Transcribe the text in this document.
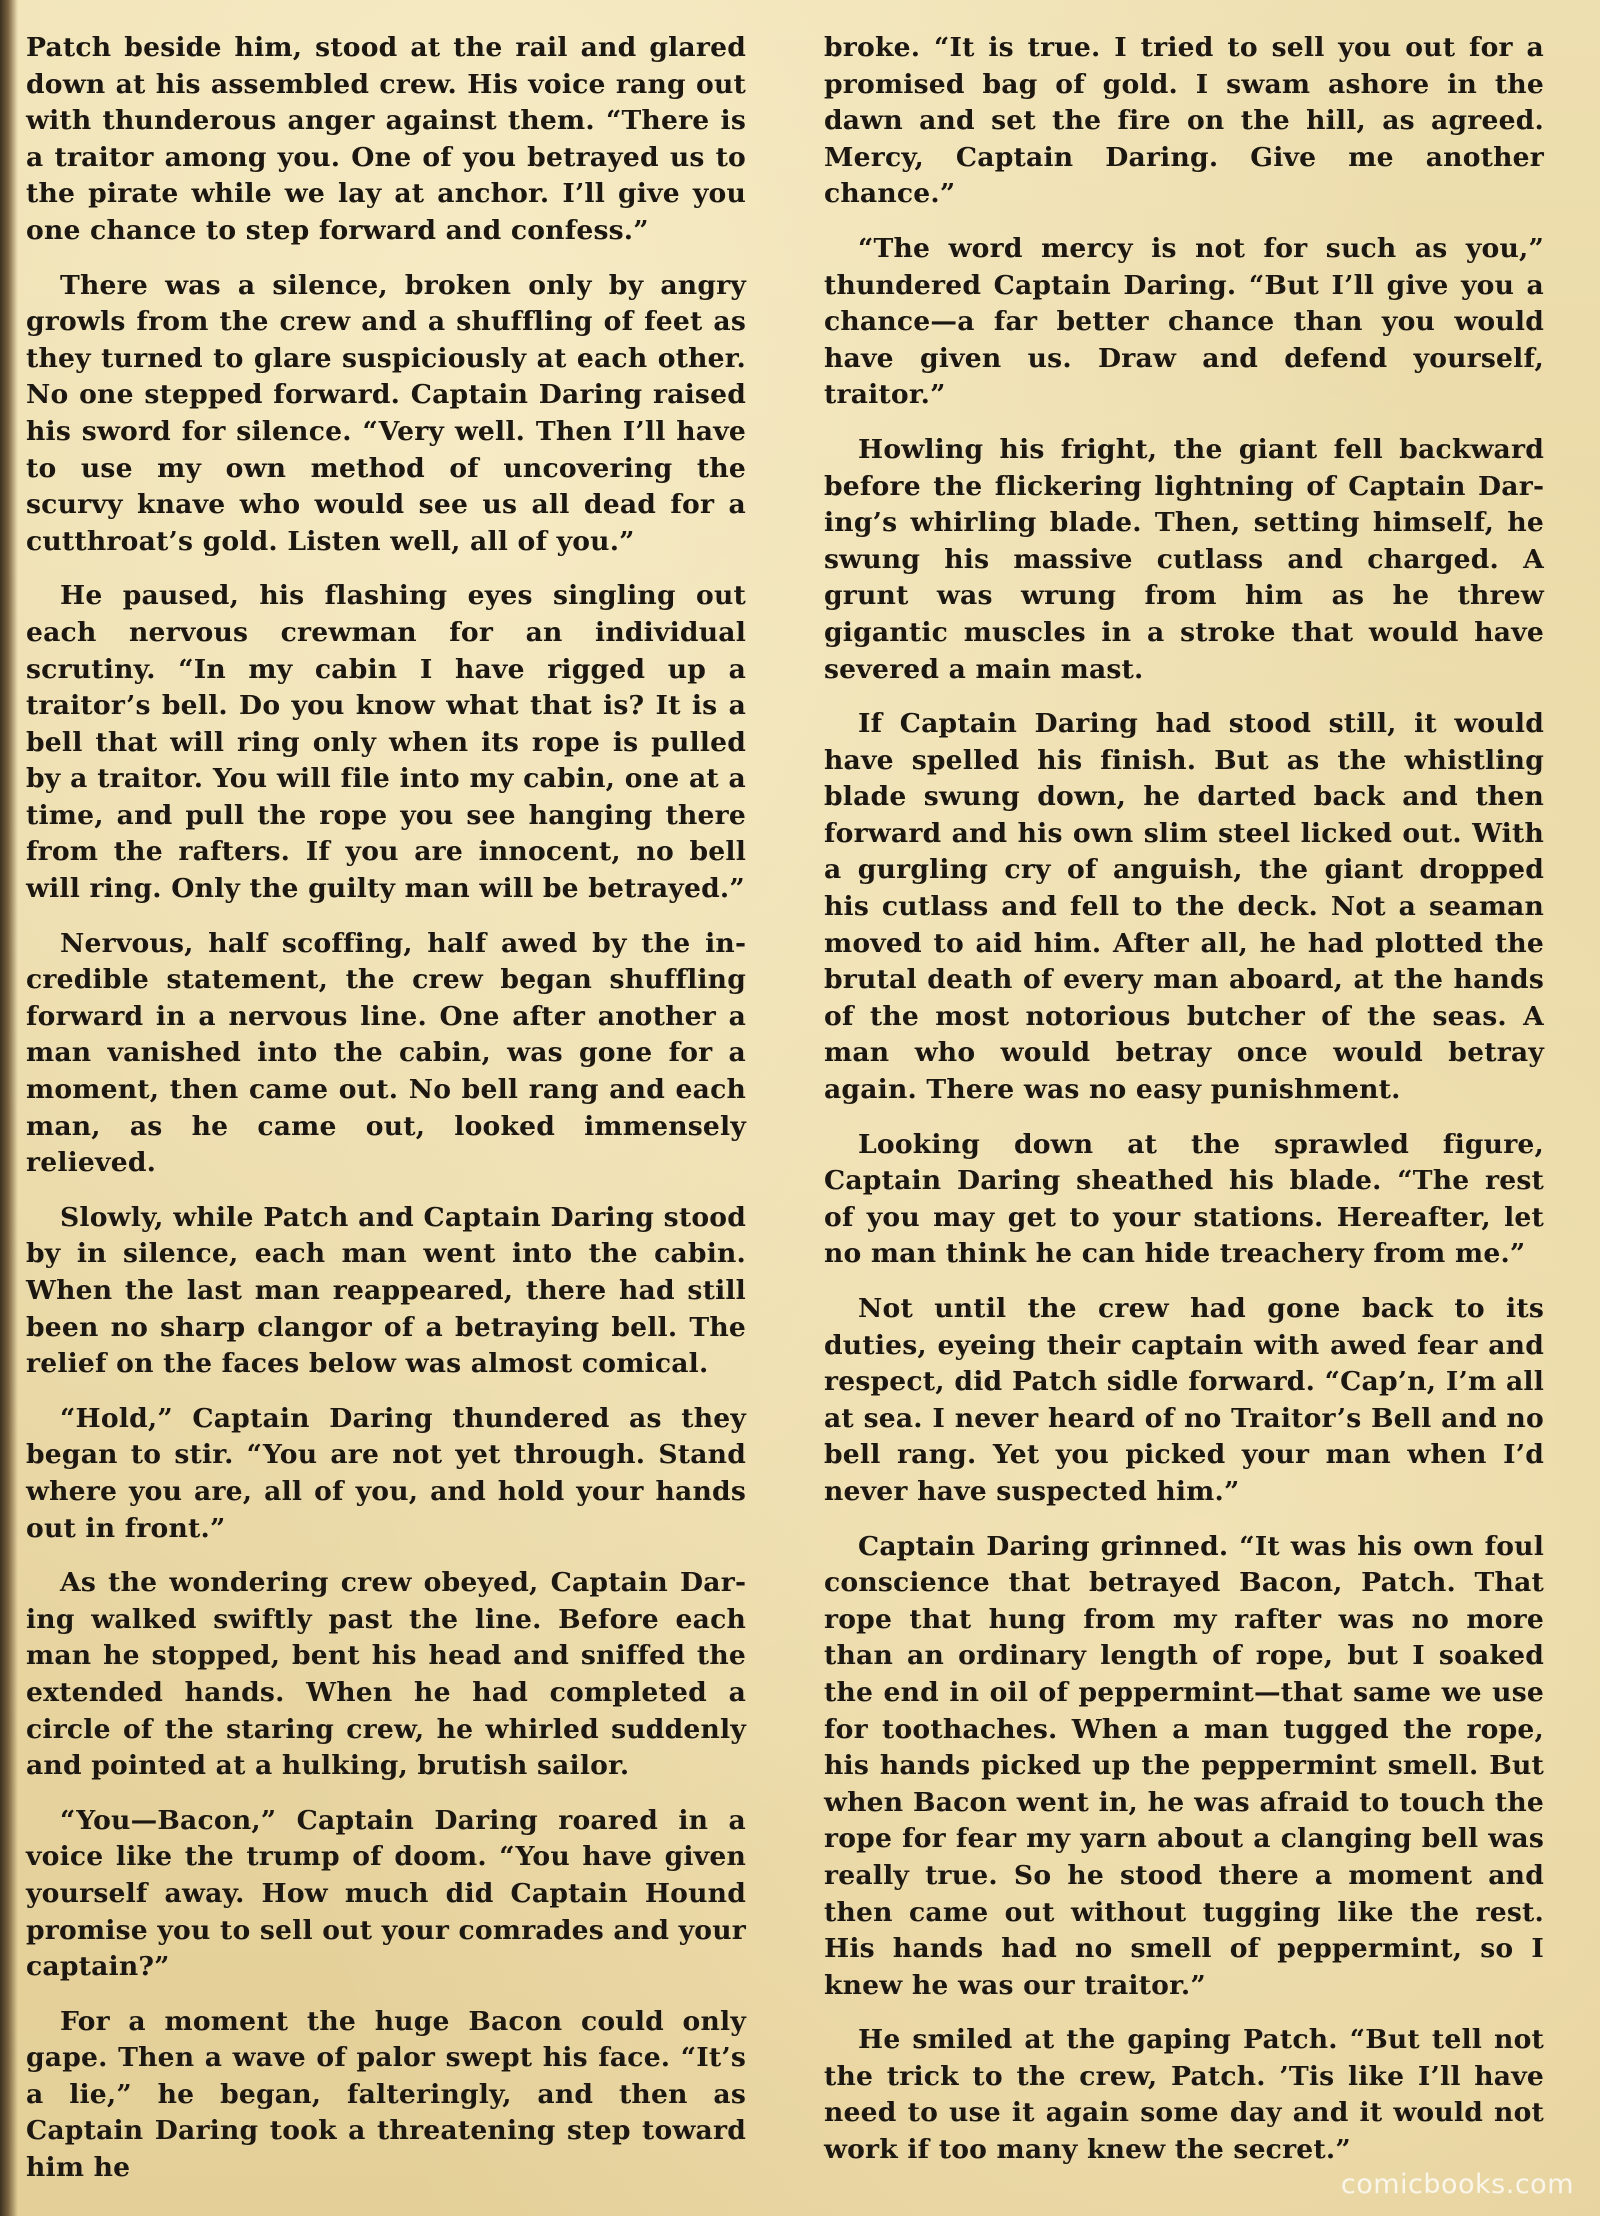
Patch beside him, stood at the rail and glared down at his assembled crew. His voice rang out with thunderous anger against them. “There is a traitor among you. One of you betrayed us to the pirate while we lay at anchor. I’ll give you one chance to step forward and confess.”

There was a silence, broken only by angry growls from the crew and a shuffling of feet as they turned to glare suspiciously at each other. No one stepped forward. Captain Daring raised his sword for silence. “Very well. Then I’ll have to use my own method of uncovering the scurvy knave who would see us all dead for a cutthroat’s gold. Listen well, all of you.”

He paused, his flashing eyes singling out each nervous crewman for an individual scrutiny. “In my cabin I have rigged up a traitor’s bell. Do you know what that is? It is a bell that will ring only when its rope is pulled by a traitor. You will file into my cabin, one at a time, and pull the rope you see hanging there from the rafters. If you are innocent, no bell will ring. Only the guilty man will be betrayed.”

Nervous, half scoffing, half awed by the incredible statement, the crew began shuffling forward in a nervous line. One after another a man vanished into the cabin, was gone for a moment, then came out. No bell rang and each man, as he came out, looked immensely relieved.

Slowly, while Patch and Captain Daring stood by in silence, each man went into the cabin. When the last man reappeared, there had still been no sharp clangor of a betraying bell. The relief on the faces below was almost comical.

“Hold,” Captain Daring thundered as they began to stir. “You are not yet through. Stand where you are, all of you, and hold your hands out in front.”

As the wondering crew obeyed, Captain Daring walked swiftly past the line. Before each man he stopped, bent his head and sniffed the extended hands. When he had completed a circle of the staring crew, he whirled suddenly and pointed at a hulking, brutish sailor.

“You—Bacon,” Captain Daring roared in a voice like the trump of doom. “You have given yourself away. How much did Captain Hound promise you to sell out your comrades and your captain?”

For a moment the huge Bacon could only gape. Then a wave of palor swept his face. “It’s a lie,” he began, falteringly, and then as Captain Daring took a threatening step toward him he

broke. “It is true. I tried to sell you out for a promised bag of gold. I swam ashore in the dawn and set the fire on the hill, as agreed. Mercy, Captain Daring. Give me another chance.”

“The word mercy is not for such as you,” thundered Captain Daring. “But I’ll give you a chance—a far better chance than you would have given us. Draw and defend yourself, traitor.”

Howling his fright, the giant fell backward before the flickering lightning of Captain Daring’s whirling blade. Then, setting himself, he swung his massive cutlass and charged. A grunt was wrung from him as he threw gigantic muscles in a stroke that would have severed a main mast.

If Captain Daring had stood still, it would have spelled his finish. But as the whistling blade swung down, he darted back and then forward and his own slim steel licked out. With a gurgling cry of anguish, the giant dropped his cutlass and fell to the deck. Not a seaman moved to aid him. After all, he had plotted the brutal death of every man aboard, at the hands of the most notorious butcher of the seas. A man who would betray once would betray again. There was no easy punishment.

Looking down at the sprawled figure, Captain Daring sheathed his blade. “The rest of you may get to your stations. Hereafter, let no man think he can hide treachery from me.”

Not until the crew had gone back to its duties, eyeing their captain with awed fear and respect, did Patch sidle forward. “Cap’n, I’m all at sea. I never heard of no Traitor’s Bell and no bell rang. Yet you picked your man when I’d never have suspected him.”

Captain Daring grinned. “It was his own foul conscience that betrayed Bacon, Patch. That rope that hung from my rafter was no more than an ordinary length of rope, but I soaked the end in oil of peppermint—that same we use for toothaches. When a man tugged the rope, his hands picked up the peppermint smell. But when Bacon went in, he was afraid to touch the rope for fear my yarn about a clanging bell was really true. So he stood there a moment and then came out without tugging like the rest. His hands had no smell of peppermint, so I knew he was our traitor.”

He smiled at the gaping Patch. “But tell not the trick to the crew, Patch. ’Tis like I’ll have need to use it again some day and it would not work if too many knew the secret.”

comicbooks.com
